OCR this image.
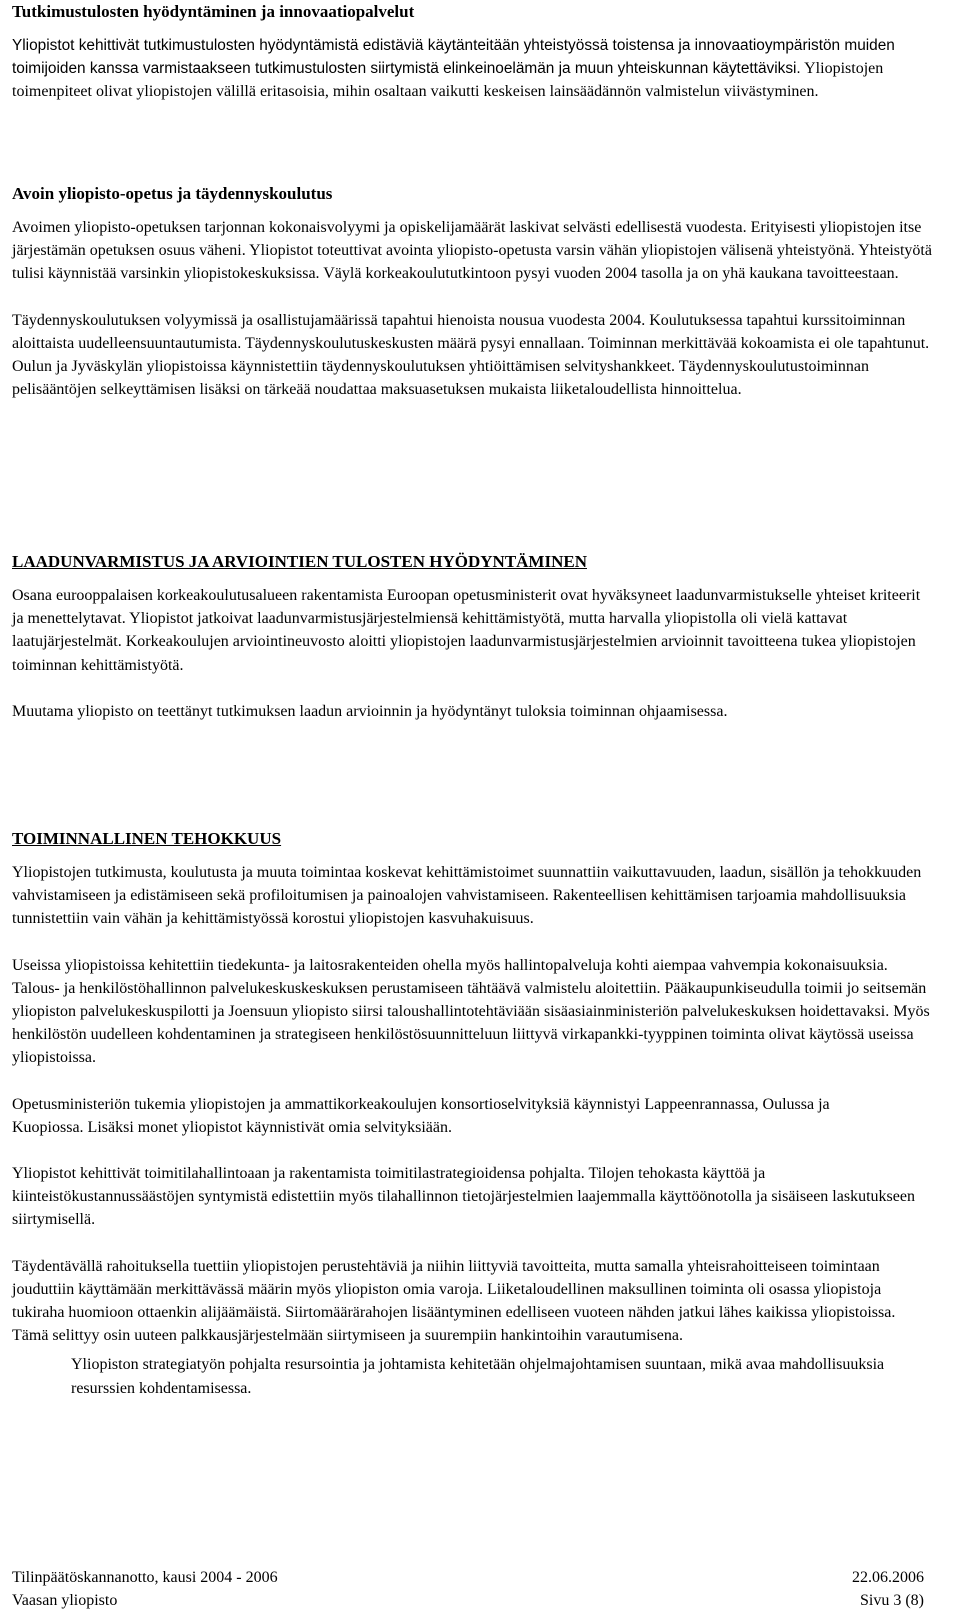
Tutkimustulosten hyödyntäminen ja innovaatiopalvelut

Yliopistot kehittivät tutkimustulosten hyödyntämistä edistäviä käytänteitään yhteistyössä toistensa ja innovaatioympäristön muiden toimijoiden kanssa varmistaakseen tutkimustulosten siirtymistä elinkeinoelämän ja muun yhteiskunnan käytettäviksi. Yliopistojen toimenpiteet olivat yliopistojen välillä eritasoisia, mihin osaltaan vaikutti keskeisen lainsäädännön valmistelun viivästyminen.

Avoin yliopisto-opetus ja täydennyskoulutus

Avoimen yliopisto-opetuksen tarjonnan kokonaisvolyymi ja opiskelijamäärät laskivat selvästi edellisestä vuodesta. Erityisesti yliopistojen itse järjestämän opetuksen osuus väheni. Yliopistot toteuttivat avointa yliopisto-opetusta varsin vähän yliopistojen välisenä yhteistyönä. Yhteistyötä tulisi käynnistää varsinkin yliopistokeskuksissa. Väylä korkeakoulututkintoon pysyi vuoden 2004 tasolla ja on yhä kaukana tavoitteestaan.

Täydennyskoulutuksen volyymissä ja osallistujamäärissä tapahtui hienoista nousua vuodesta 2004. Koulutuksessa tapahtui kurssitoiminnan aloittaista uudelleensuuntautumista. Täydennyskoulutuskeskusten määrä pysyi ennallaan. Toiminnan merkittävää kokoamista ei ole tapahtunut. Oulun ja Jyväskylän yliopistoissa käynnistettiin täydennyskoulutuksen yhtiöittämisen selvityshankkeet. Täydennyskoulutustoiminnan pelisääntöjen selkeyttämisen lisäksi on tärkeää noudattaa maksuasetuksen mukaista liiketaloudellista hinnoittelua.

LAADUNVARMISTUS JA ARVIOINTIEN TULOSTEN HYÖDYNTÄMINEN

Osana eurooppalaisen korkeakoulutusalueen rakentamista Euroopan opetusministerit ovat hyväksyneet laadunvarmistukselle yhteiset kriteerit ja menettelytavat. Yliopistot jatkoivat laadunvarmistusjärjestelmiensä kehittämistyötä, mutta harvalla yliopistolla oli vielä kattavat laatujärjestelmät. Korkeakoulujen arviointineuvosto aloitti yliopistojen laadunvarmistusjärjestelmien arvioinnit tavoitteena tukea yliopistojen toiminnan kehittämistyötä.

Muutama yliopisto on teettänyt tutkimuksen laadun arvioinnin ja hyödyntänyt tuloksia toiminnan ohjaamisessa.

TOIMINNALLINEN TEHOKKUUS

Yliopistojen tutkimusta, koulutusta ja muuta toimintaa koskevat kehittämistoimet suunnattiin vaikuttavuuden, laadun, sisällön ja tehokkuuden vahvistamiseen ja edistämiseen sekä profiloitumisen ja painoalojen vahvistamiseen. Rakenteellisen kehittämisen tarjoamia mahdollisuuksia tunnistettiin vain vähän ja kehittämistyössä korostui yliopistojen kasvuhakuisuus.

Useissa yliopistoissa kehitettiin tiedekunta- ja laitosrakenteiden ohella myös hallintopalveluja kohti aiempaa vahvempia kokonaisuuksia. Talous- ja henkilöstöhallinnon palvelukeskuskeskuksen perustamiseen tähtäävä valmistelu aloitettiin. Pääkaupunkiseudulla toimii jo seitsemän yliopiston palvelukeskuspilotti ja Joensuun yliopisto siirsi taloushallintotehtäviään sisäasiainministeriön palvelukeskuksen hoidettavaksi. Myös henkilöstön uudelleen kohdentaminen ja strategiseen henkilöstösuunnitteluun liittyvä virkapankki-tyyppinen toiminta olivat käytössä useissa yliopistoissa.

Opetusministeriön tukemia yliopistojen ja ammattikorkeakoulujen konsortioselvityksiä käynnistyi Lappeenrannassa, Oulussa ja Kuopiossa. Lisäksi monet yliopistot käynnistivät omia selvityksiään.

Yliopistot kehittivät toimitilahallintoaan ja rakentamista toimitilastrategioidensa pohjalta. Tilojen tehokasta käyttöä ja kiinteistökustannussäästöjen syntymistä edistettiin myös tilahallinnon tietojärjestelmien laajemmalla käyttöönotolla ja sisäiseen laskutukseen siirtymisellä.

Täydentävällä rahoituksella tuettiin yliopistojen perustehtäviä ja niihin liittyviä tavoitteita, mutta samalla yhteisrahoitteiseen toimintaan jouduttiin käyttämään merkittävässä määrin myös yliopiston omia varoja. Liiketaloudellinen maksullinen toiminta oli osassa yliopistoja tukiraha huomioon ottaenkin alijäämäistä. Siirtomäärärahojen lisääntyminen edelliseen vuoteen nähden jatkui lähes kaikissa yliopistoissa. Tämä selittyy osin uuteen palkkausjärjestelmään siirtymiseen ja suurempiin hankintoihin varautumisena.

Yliopiston strategiatyön pohjalta resursointia ja johtamista kehitetään ohjelmajohtamisen suuntaan, mikä avaa mahdollisuuksia resurssien kohdentamisessa.

Tilinpäätöskannanotto, kausi 2004 - 2006	22.06.2006
Vaasan yliopisto	Sivu 3 (8)
